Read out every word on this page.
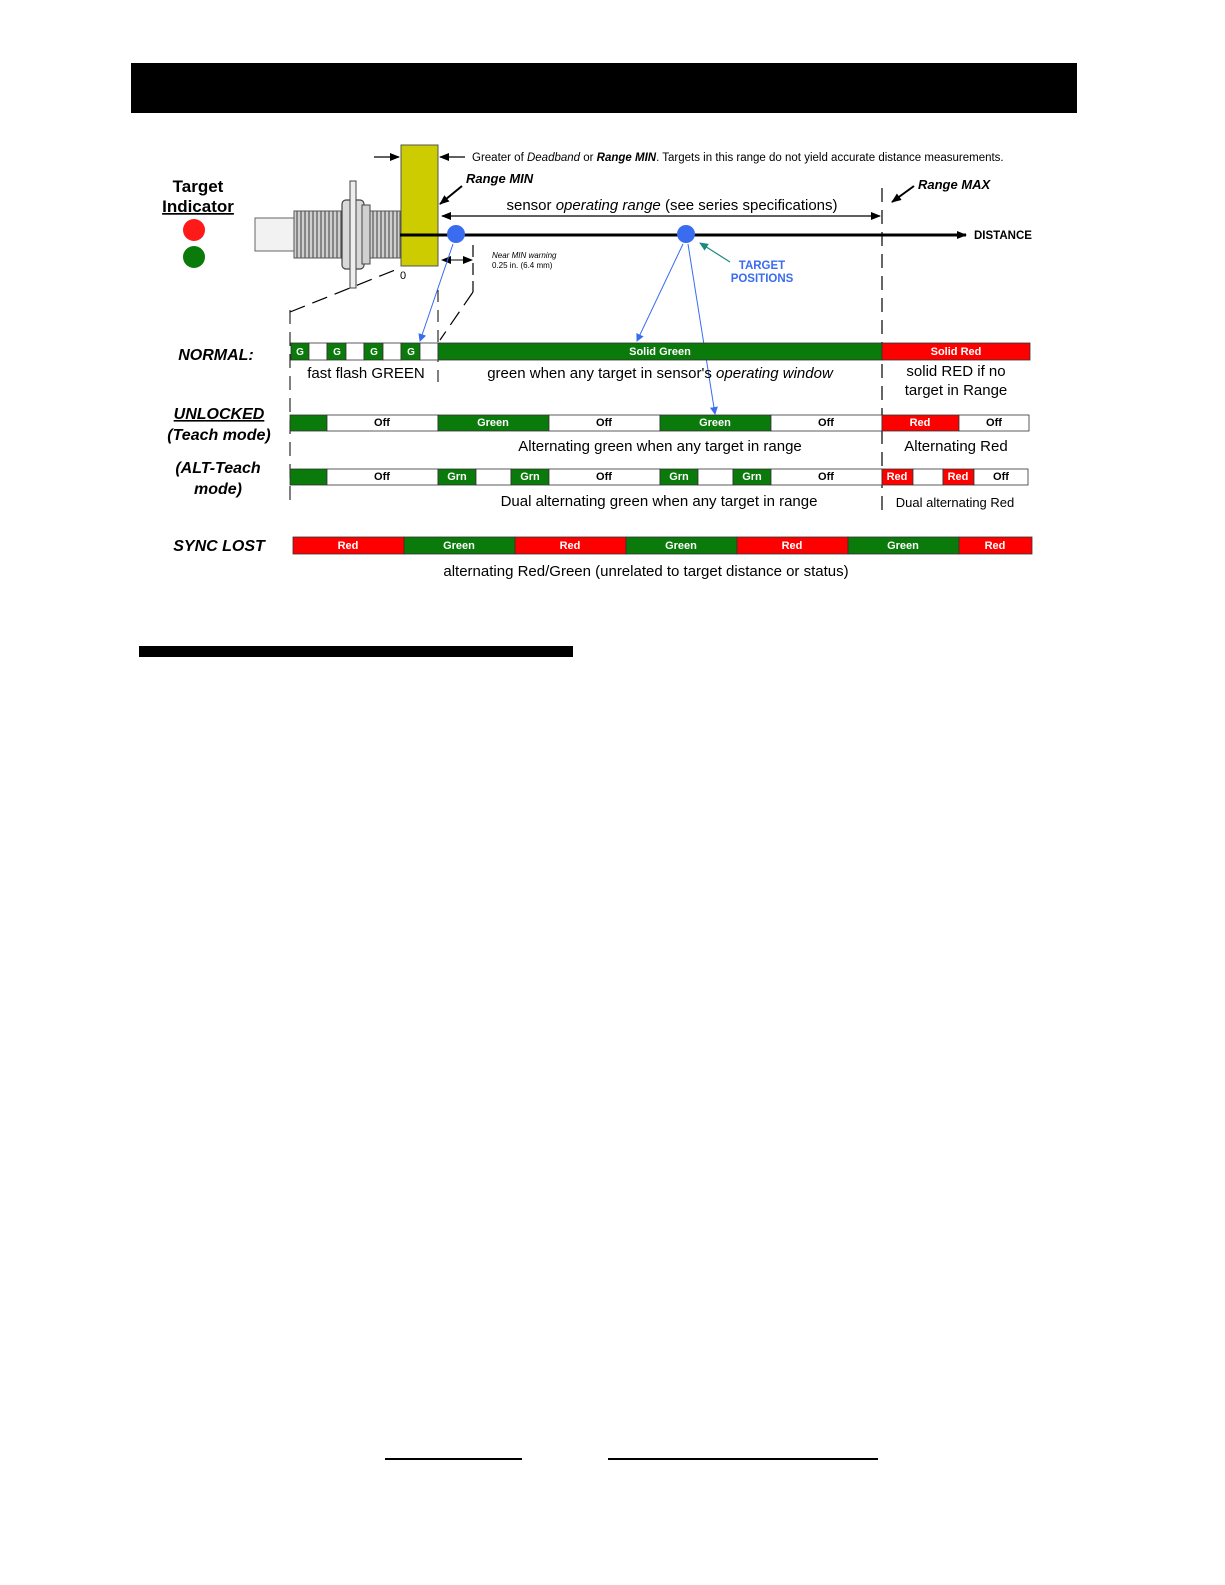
Target
Indicator
0
Greater of Deadband or Range MIN. Targets in this range do not yield accurate distance measurements.
Range MIN	Range MAX
sensor operating range (see series specifications)
DISTANCE
Near MIN warning
0.25 in. (6.4 mm)	TARGET
POSITIONS
NORMAL:	G	G	G	G	Solid Green	Solid Red
fast flash GREEN	green when any target in sensor's operating window	solid RED if no
target in Range
UNLOCKED
(Teach mode)
Off	Green	Off	Green	Off	Red	Off
Alternating green when any target in range	Alternating Red
(ALT-Teach
mode)
Off	Grn	Grn	Off	Grn	Grn	Off	Red	Red Off
Dual alternating green when any target in range	Dual alternating Red
SYNC LOST	Red	Green	Red	Green	Red	Green	Red
alternating Red/Green (unrelated to target distance or status)
